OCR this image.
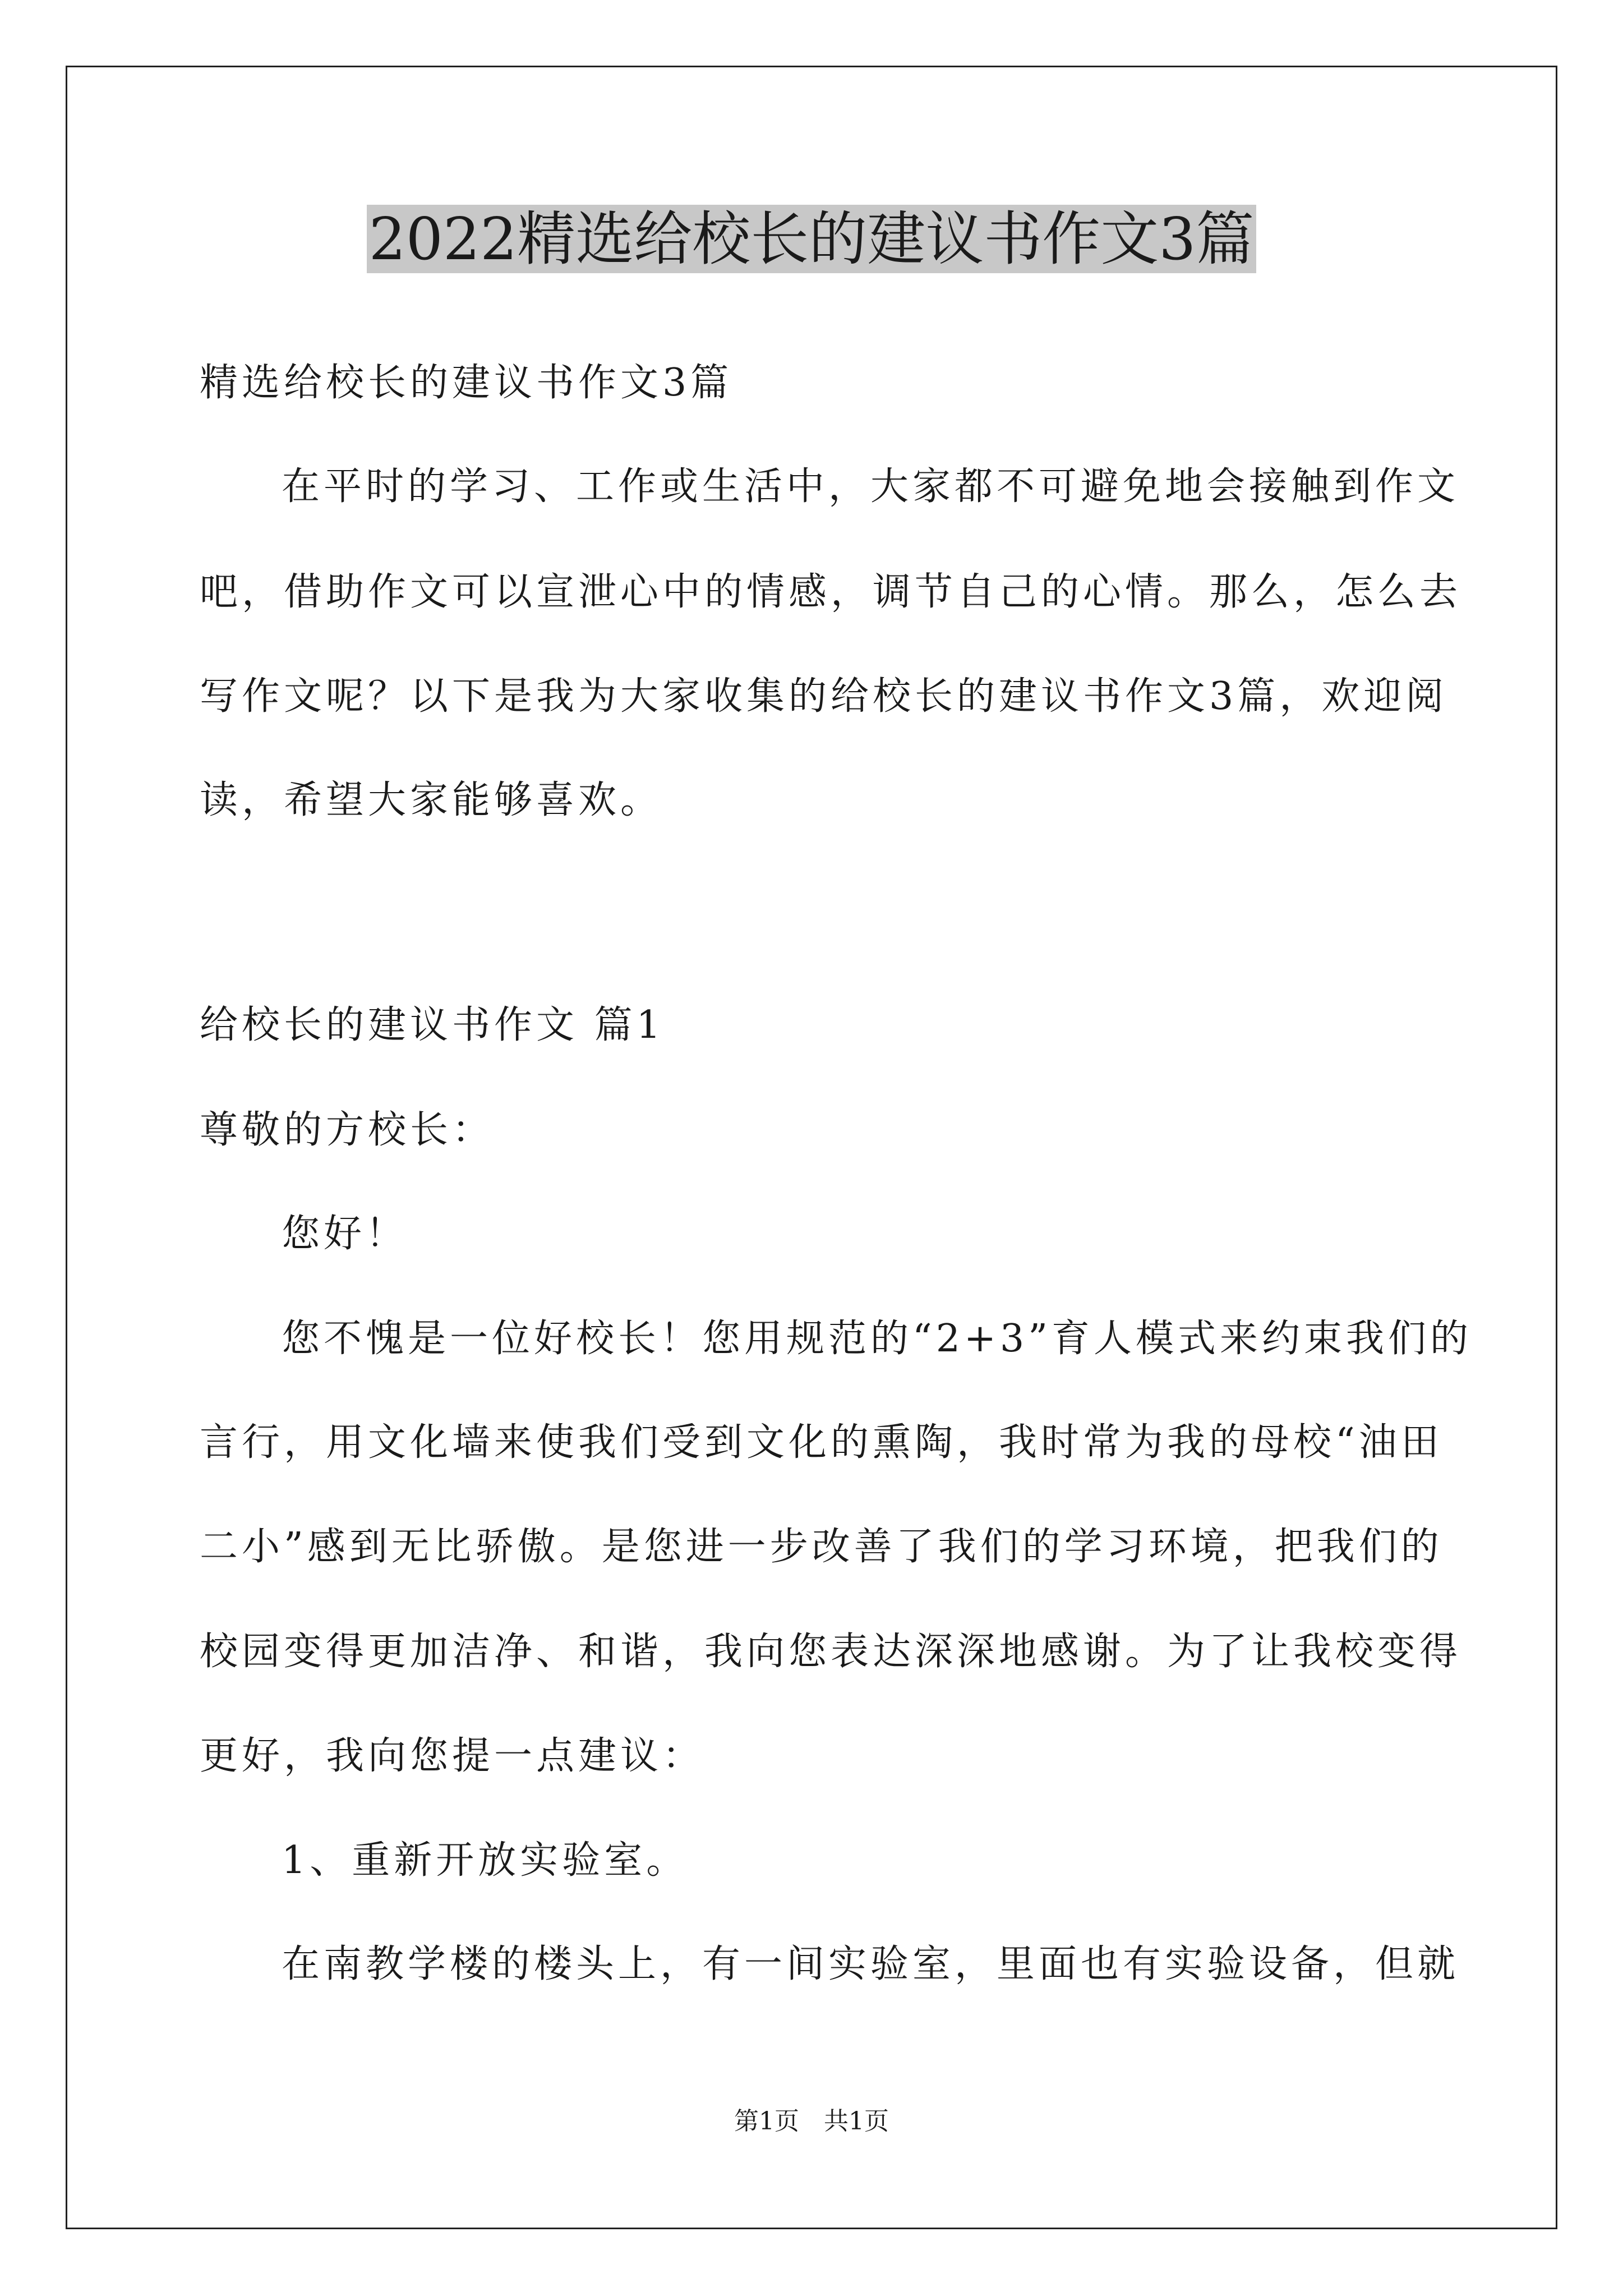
2022精选给校长的建议书作文3篇
精选给校长的建议书作文3篇
在平时的学习、工作或生活中，大家都不可避免地会接触到作文
吧，借助作文可以宣泄心中的情感，调节自己的心情。那么，怎么去
写作文呢？以下是我为大家收集的给校长的建议书作文3篇，欢迎阅
读，希望大家能够喜欢。
给校长的建议书作文 篇1
尊敬的方校长：
您好！
您不愧是一位好校长！您用规范的“2+3”育人模式来约束我们的
言行，用文化墙来使我们受到文化的熏陶，我时常为我的母校“油田
二小”感到无比骄傲。是您进一步改善了我们的学习环境，把我们的
校园变得更加洁净、和谐，我向您表达深深地感谢。为了让我校变得
更好，我向您提一点建议：
1、重新开放实验室。
在南教学楼的楼头上，有一间实验室，里面也有实验设备，但就
第1页　共1页
